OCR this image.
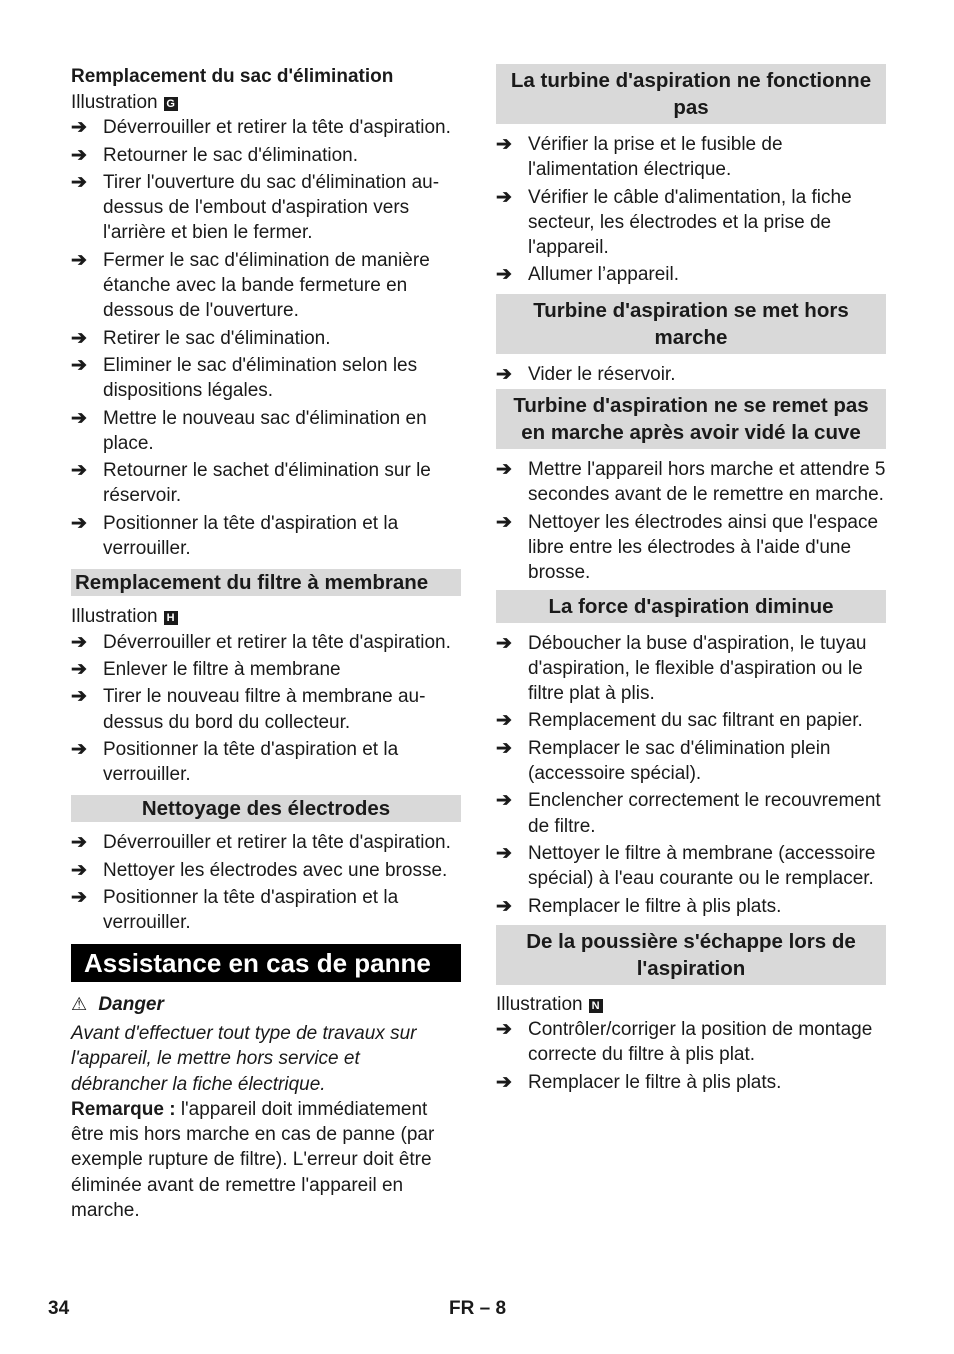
Remplacement du sac d'élimination
Illustration G
➔ Déverrouiller et retirer la tête d'aspiration.
➔ Retourner le sac d'élimination.
➔ Tirer l'ouverture du sac d'élimination au-dessus de l'embout d'aspiration vers l'arrière et bien le fermer.
➔ Fermer le sac d'élimination de manière étanche avec la bande fermeture en dessous de l'ouverture.
➔ Retirer le sac d'élimination.
➔ Eliminer le sac d'élimination selon les dispositions légales.
➔ Mettre le nouveau sac d'élimination en place.
➔ Retourner le sachet d'élimination sur le réservoir.
➔ Positionner la tête d'aspiration et la verrouiller.
Remplacement du filtre à membrane
Illustration H
➔ Déverrouiller et retirer la tête d'aspiration.
➔ Enlever le filtre à membrane
➔ Tirer le nouveau filtre à membrane au-dessus du bord du collecteur.
➔ Positionner la tête d'aspiration et la verrouiller.
Nettoyage des électrodes
➔ Déverrouiller et retirer la tête d'aspiration.
➔ Nettoyer les électrodes avec une brosse.
➔ Positionner la tête d'aspiration et la verrouiller.
Assistance en cas de panne
⚠ Danger
Avant d'effectuer tout type de travaux sur l'appareil, le mettre hors service et débrancher la fiche électrique.
Remarque : l'appareil doit immédiatement être mis hors marche en cas de panne (par exemple rupture de filtre). L'erreur doit être éliminée avant de remettre l'appareil en marche.
La turbine d'aspiration ne fonctionne pas
➔ Vérifier la prise et le fusible de l'alimentation électrique.
➔ Vérifier le câble d'alimentation, la fiche secteur, les électrodes et la prise de l'appareil.
➔ Allumer l’appareil.
Turbine d'aspiration se met hors marche
➔ Vider le réservoir.
Turbine d'aspiration ne se remet pas en marche après avoir vidé la cuve
➔ Mettre l'appareil hors marche et attendre 5 secondes avant de le remettre en marche.
➔ Nettoyer les électrodes ainsi que l'espace libre entre les électrodes à l'aide d'une brosse.
La force d'aspiration diminue
➔ Déboucher la buse d'aspiration, le tuyau d'aspiration, le flexible d'aspiration ou le filtre plat à plis.
➔ Remplacement du sac filtrant en papier.
➔ Remplacer le sac d'élimination plein (accessoire spécial).
➔ Enclencher correctement le recouvrement de filtre.
➔ Nettoyer le filtre à membrane (accessoire spécial) à l'eau courante ou le remplacer.
➔ Remplacer le filtre à plis plats.
De la poussière s'échappe lors de l'aspiration
Illustration N
➔ Contrôler/corriger la position de montage correcte du filtre à plis plat.
➔ Remplacer le filtre à plis plats.
34	FR – 8
